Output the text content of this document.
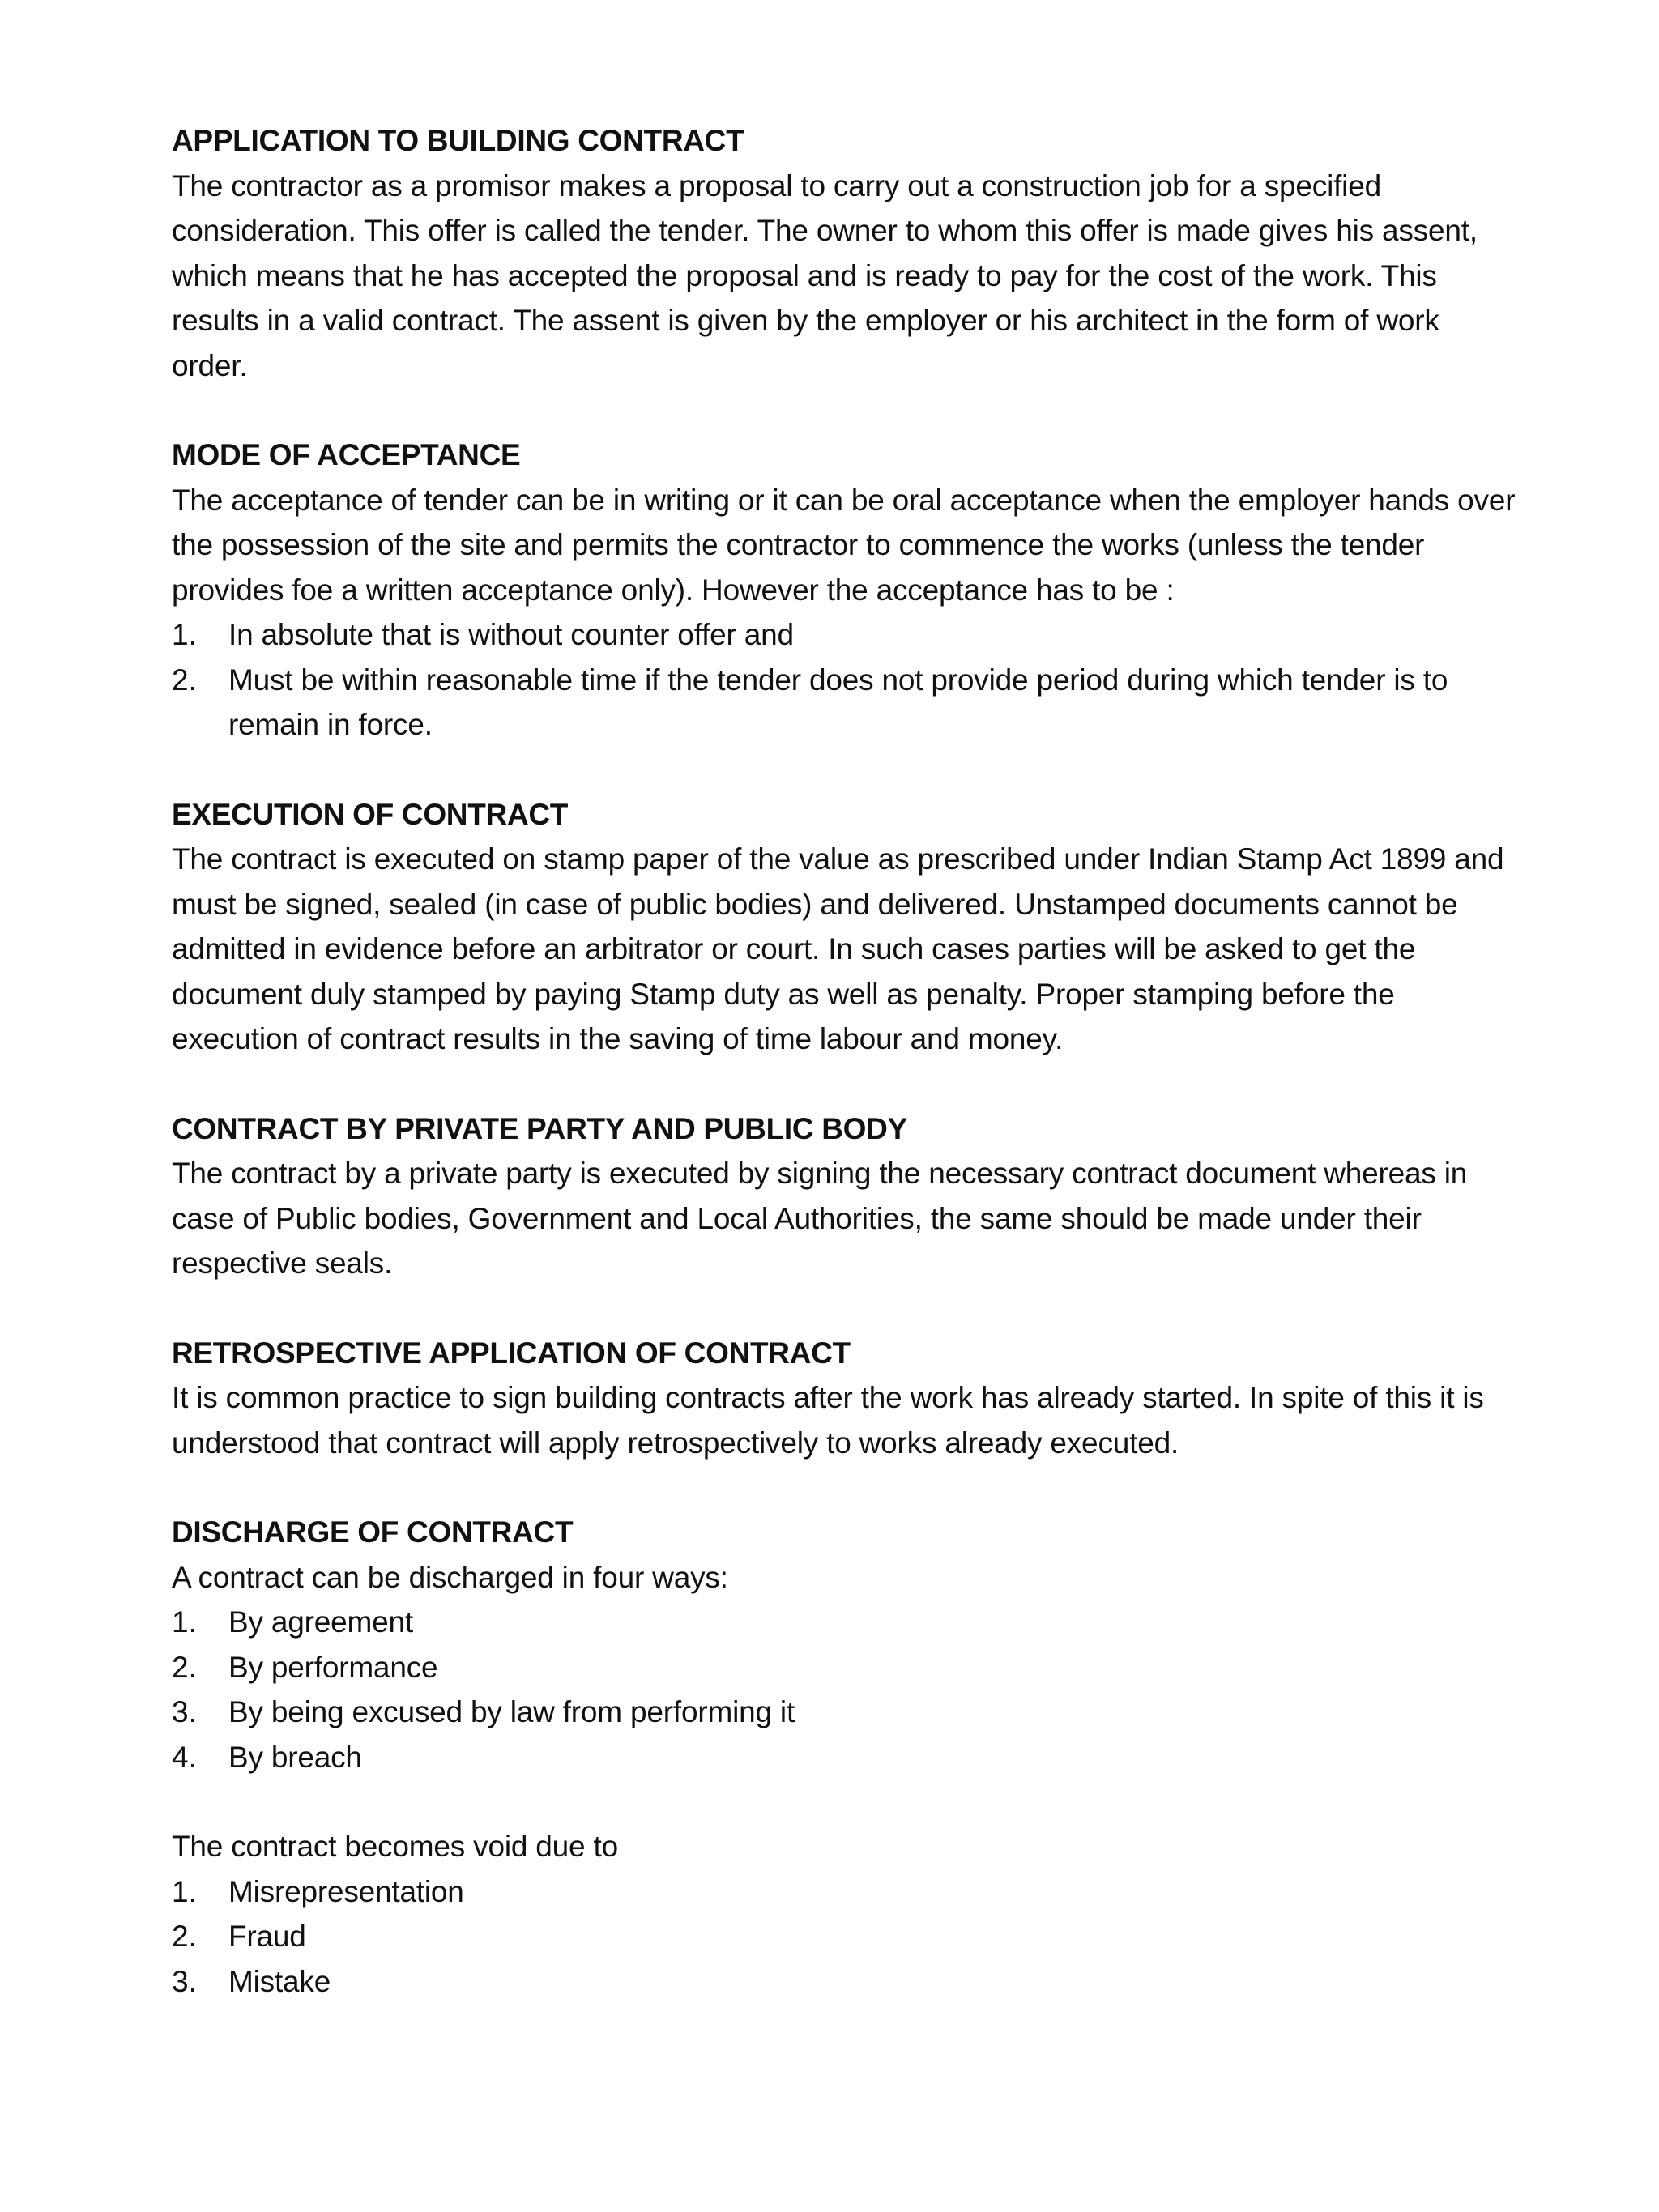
APPLICATION TO BUILDING CONTRACT

The contractor as a promisor makes a proposal to carry out a construction job for a specified consideration. This offer is called the tender. The owner to whom this offer is made gives his assent, which means that he has accepted the proposal and is ready to pay for the cost of the work. This results in a valid contract. The assent is given by the employer or his architect in the form of work order.

MODE OF ACCEPTANCE

The acceptance of tender can be in writing or it can be oral acceptance when the employer hands over the possession of the site and permits the contractor to commence the works (unless the tender provides foe a written acceptance only). However the acceptance has to be :

1.	In absolute that is without counter offer and
2.	Must be within reasonable time if the tender does not provide period during which tender is to remain in force.

EXECUTION OF CONTRACT

The contract is executed on stamp paper of the value as prescribed under Indian Stamp Act 1899 and must be signed, sealed (in case of public bodies) and delivered. Unstamped documents cannot be admitted in evidence before an arbitrator or court. In such cases parties will be asked to get the document duly stamped by paying Stamp duty as well as penalty. Proper stamping before the execution of contract results in the saving of time labour and money.

CONTRACT BY PRIVATE PARTY AND PUBLIC BODY

The contract by a private party is executed by signing the necessary contract document whereas in case of Public bodies, Government and Local Authorities, the same should be made under their respective seals.

RETROSPECTIVE APPLICATION OF CONTRACT

It is common practice to sign building contracts after the work has already started. In spite of this it is understood that contract will apply retrospectively to works already executed.

DISCHARGE OF CONTRACT

A contract can be discharged in four ways:

1.	By agreement
2.	By performance
3.	By being excused by law from performing it
4.	By breach

The contract becomes void due to

1.	Misrepresentation
2.	Fraud
3.	Mistake
